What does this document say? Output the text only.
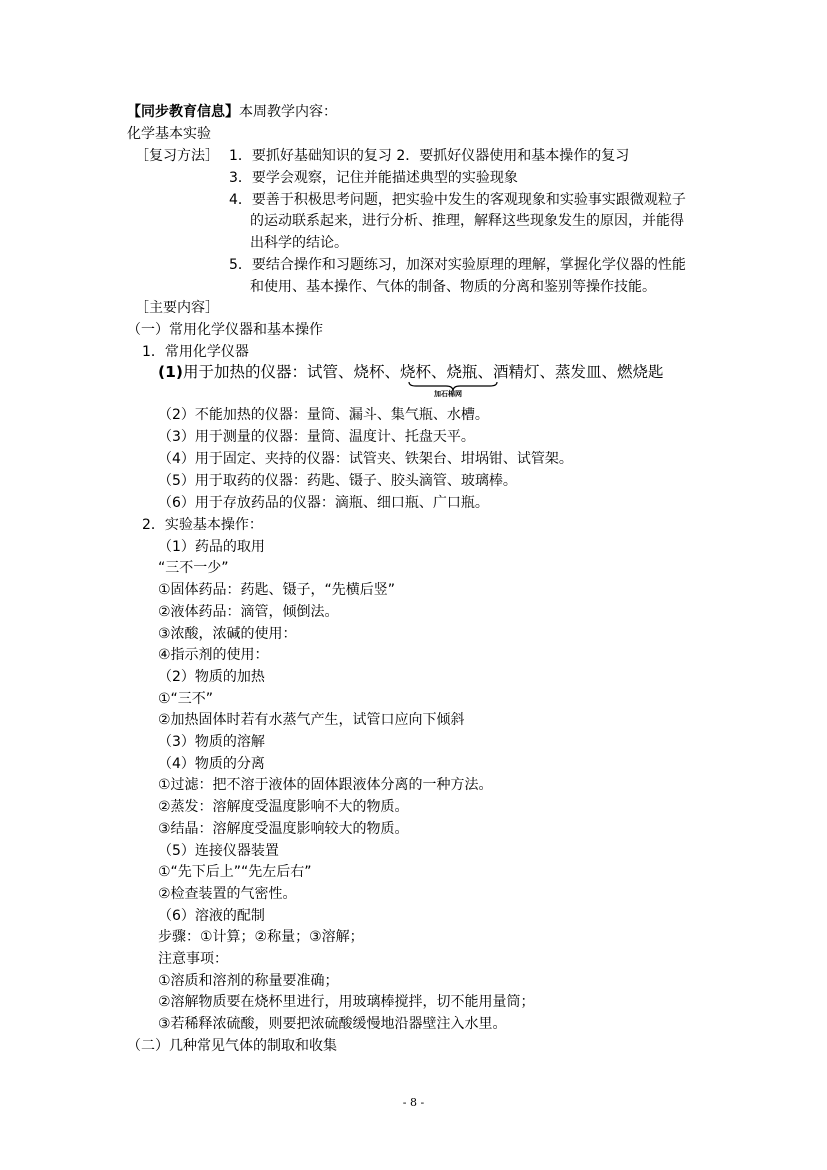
【同步教育信息】本周教学内容：
化学基本实验
［复习方法］ 1．要抓好基础知识的复习 2．要抓好仪器使用和基本操作的复习
3．要学会观察，记住并能描述典型的实验现象
4．要善于积极思考问题，把实验中发生的客观现象和实验事实跟微观粒子
的运动联系起来，进行分析、推理，解释这些现象发生的原因，并能得
出科学的结论。
5．要结合操作和习题练习，加深对实验原理的理解，掌握化学仪器的性能
和使用、基本操作、气体的制备、物质的分离和鉴别等操作技能。
［主要内容］
（一）常用化学仪器和基本操作
1．常用化学仪器
(1)用于加热的仪器：试管、烧杯、烧杯、烧瓶、酒精灯、蒸发皿、燃烧匙
加石棉网
（2）不能加热的仪器：量筒、漏斗、集气瓶、水槽。
（3）用于测量的仪器：量筒、温度计、托盘天平。
（4）用于固定、夹持的仪器：试管夹、铁架台、坩埚钳、试管架。
（5）用于取药的仪器：药匙、镊子、胶头滴管、玻璃棒。
（6）用于存放药品的仪器：滴瓶、细口瓶、广口瓶。
2．实验基本操作：
（1）药品的取用
“三不一少”
①固体药品：药匙、镊子，“先横后竖”
②液体药品：滴管，倾倒法。
③浓酸，浓碱的使用：
④指示剂的使用：
（2）物质的加热
①“三不”
②加热固体时若有水蒸气产生，试管口应向下倾斜
（3）物质的溶解
（4）物质的分离
①过滤：把不溶于液体的固体跟液体分离的一种方法。
②蒸发：溶解度受温度影响不大的物质。
③结晶：溶解度受温度影响较大的物质。
（5）连接仪器装置
①“先下后上”“先左后右”
②检查装置的气密性。
（6）溶液的配制
步骤：①计算；②称量；③溶解；
注意事项：
①溶质和溶剂的称量要准确；
②溶解物质要在烧杯里进行，用玻璃棒搅拌，切不能用量筒；
③若稀释浓硫酸，则要把浓硫酸缓慢地沿器壁注入水里。
（二）几种常见气体的制取和收集
- 8 -
